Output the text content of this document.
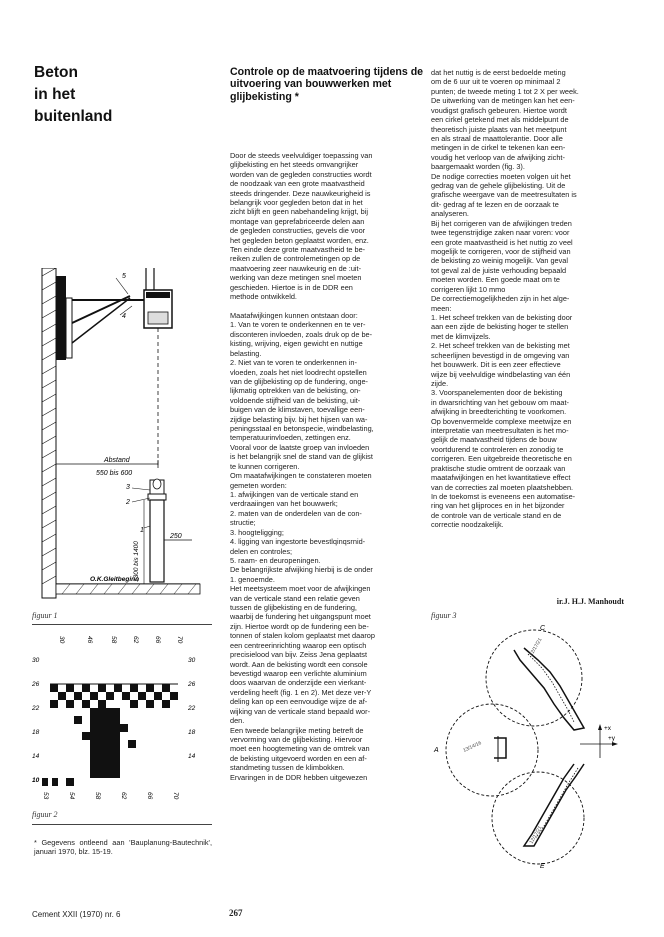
Beton
in het
buitenland
Controle op de maatvoering tijdens de uitvoering van bouwwerken met glijbekisting *

Door de steeds veelvuldiger toepassing van

glijbekisting en het steeds omvangrijker

worden van de gegleden constructies wordt

de noodzaak van een grote maatvastheid

steeds dringender. Deze nauwkeurigheid is

belangrijk voor gegleden beton dat in het

zicht blijft en geen nabehandeling krijgt, bij

montage van geprefabriceerde delen aan

de gegleden constructies, gevels die voor

het gegleden beton geplaatst worden, enz.

Ten einde deze grote maatvastheid te be-

reiken zullen de controlemetingen op de

maatvoering zeer nauwkeurig en de :uit-

werking van deze metingen snel moeten

geschieden. Hiertoe is in de DDR een

methode ontwikkeld.

Maatafwijkingen kunnen ontstaan door:

1. Van te voren te onderkennen en te ver-

disconteren invloeden, zoals druk op de be-

kisting, wrijving, eigen gewicht en nuttige

belasting.

2. Niet van te voren te onderkennen in-

vloeden, zoals het niet loodrecht opstellen

van de glijbekisting op de fundering, onge-

lijkmatig optrekken van de bekisting, on-

voldoende stijfheid van de bekisting, uit-

buigen van de klimstaven, toevallige een-

zijdige belasting bijv. bij het hijsen van wa-

peningsstaal en betonspecie, windbelasting,

temperatuurinvloeden, zettingen enz.

Vooral voor de laatste groep van invloeden

is het belangrijk snel de stand van de glijkist

te kunnen corrigeren.

Om maatafwijkingen te constateren moeten

gemeten worden:

1. afwijkingen van de verticale stand en

verdraaiingen van het bouwwerk;

2. maten van de onderdelen van de con-

structie;

3. hoogteligging;

4. ligging van ingestorte bevestlqinqsrnid-

delen en controles;

5. raam- en deuropeningen.

De belangrijkste afwijking hierbij is de onder

1. genoemde.

Het meetsysteem moet voor de afwijkingen

van de verticale stand een relatie geven

tussen de glijbekisting en de fundering,

waarbij de fundering het uitgangspunt moet

zijn. Hiertoe wordt op de fundering een be-

tonnen of stalen kolom geplaatst met daarop

een centreerinrichting waarop een optisch

precisielood van bijv. Zeiss Jena geplaatst

wordt. Aan de bekisting wordt een console

bevestigd waarop een verlichte aluminium

doos waarvan de onderzijde een vierkant-

verdeling heeft (fig. 1 en 2). Met deze ver-Y

deling kan op een eenvoudige wijze de af-

wijking van de verticale stand bepaald wor-

den.

Een tweede belangrijke meting betreft de

vervorming van de glijbekisting. Hiervoor

moet een hoogtemeting van de omtrek van

de bekisting uitgevoerd worden en een af-

standmeting tussen de klimbokken.

Ervaringen in de DDR hebben uitgewezen

dat het nuttig is de eerst bedoelde meting

om de 6 uur uit te voeren op minimaal 2

punten; de tweede meting 1 tot 2 X per week.

De uitwerking van de metingen kan het een-

voudigst grafisch gebeuren. Hiertoe wordt

een cirkel getekend met als middelpunt de

theoretisch juiste plaats van het meetpunt

en als straal de maattolerantie. Door alle

metingen in de cirkel te tekenen kan een-

voudig het verloop van de afwijking zicht-

baargemaakt worden (fig. 3).

De nodige correcties moeten volgen uit het

gedrag van de gehele glijbekisting. Uit de

grafische weergave van de meetresultaten is

dit- gedrag af te lezen en de oorzaak te

analyseren.

Bij het corrigeren van de afwijkingen treden

twee tegenstrijdige zaken naar voren: voor

een grote maatvastheid is het nuttig zo veel

mogelijk te corrigeren, voor de stijfheid van

de bekisting zo weinig mogelijk. Van geval

tot geval zal de juiste verhouding bepaald

moeten worden. Een goede maat om te

corrigeren lijkt 10 mmo

De correctiemogelijkheden zijn in het alge-

meen:

1. Het scheef trekken van de bekisting door

aan een zijde de bekisting hoger te stellen

met de klimvijzels.

2. Het scheef trekken van de bekisting met

scheerlijnen bevestigd in de omgeving van

het bouwwerk. Dit is een zeer effectieve

wijze bij veelvuldige windbelasting van één

zijde.

3. Voorspanelementen door de bekisting

in dwarsrichting van het gebouw om maat-

afwijking in breedterichting te voorkomen.

Op bovenvermelde complexe meetwijze en

interpretatie van meetresultaten is het mo-

gelijk de maatvastheid tijdens de bouw

voortdurend te controleren en zonodig te

corrigeren. Een uitgebreide theoretische en

praktische studie omtrent de oorzaak van

maatafwijkingen en het kwantitatieve effect

van de correcties zal moeten plaatshebben.

In de toekomst is eveneens een automatise-

ring van het glijproces en in het bijzonder

de controle van de verticale stand en de

correctie noodzakelijk.

ir.J. H.J. Manhoudt
5
4
Abstand
550 bis 600
3
2
1
250
1300 bis 1400
O.K.Gleitbeginn
figuur 1
30	46	58 62 66 70
30
26
22
18
14
10
30
26
22
18
14
53	54	58	62	66	70
figuur 2
* Gegevens ontleend aan 'Bauplanung-Bautechnik', januari 1970, blz. 15-19.
figuur 3
+x
+y
13/14/16
12/17/21
12/17/21
C
A
E
Cement XXII (1970) nr. 6	267
